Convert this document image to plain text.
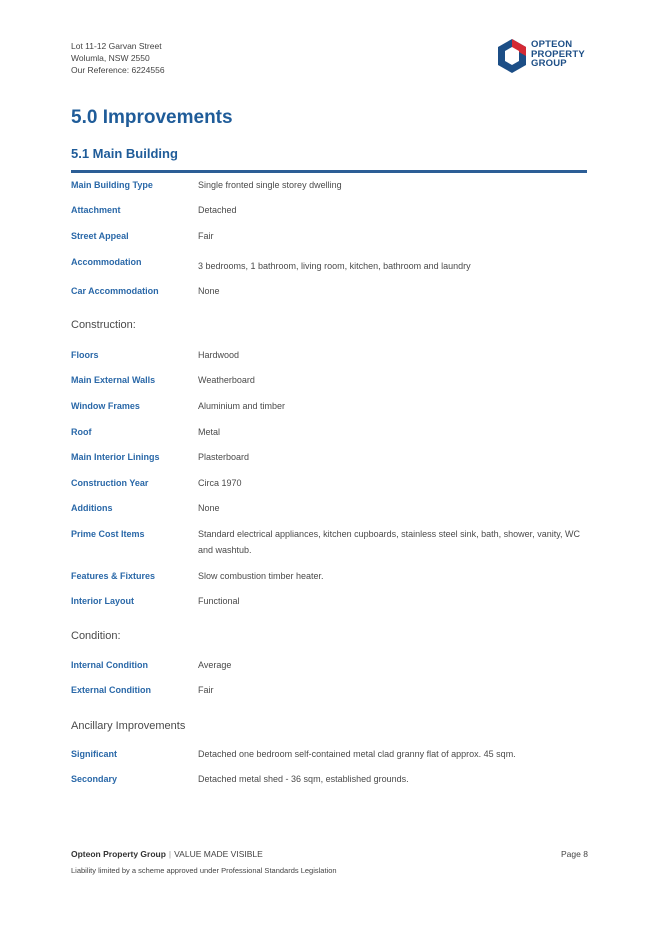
Lot 11-12 Garvan Street
Wolumla, NSW 2550
Our Reference: 6224556
OPTEON
PROPERTY
GROUP
5.0 Improvements
5.1 Main Building
Main Building Type	Single fronted single storey dwelling
Attachment	Detached
Street Appeal	Fair
Accommodation	3 bedrooms, 1 bathroom, living room, kitchen, bathroom and laundry
Car Accommodation	None
Construction:
Floors	Hardwood
Main External Walls	Weatherboard
Window Frames	Aluminium and timber
Roof	Metal
Main Interior Linings	Plasterboard
Construction Year	Circa 1970
Additions	None
Prime Cost Items	Standard electrical appliances, kitchen cupboards, stainless steel sink, bath, shower, vanity, WC and washtub.
Features & Fixtures	Slow combustion timber heater.
Interior Layout	Functional
Condition:
Internal Condition	Average
External Condition	Fair
Ancillary Improvements
Significant	Detached one bedroom self-contained metal clad granny flat of approx. 45 sqm.
Secondary	Detached metal shed - 36 sqm, established grounds.
Opteon Property Group | VALUE MADE VISIBLE
Liability limited by a scheme approved under Professional Standards Legislation
Page 8
